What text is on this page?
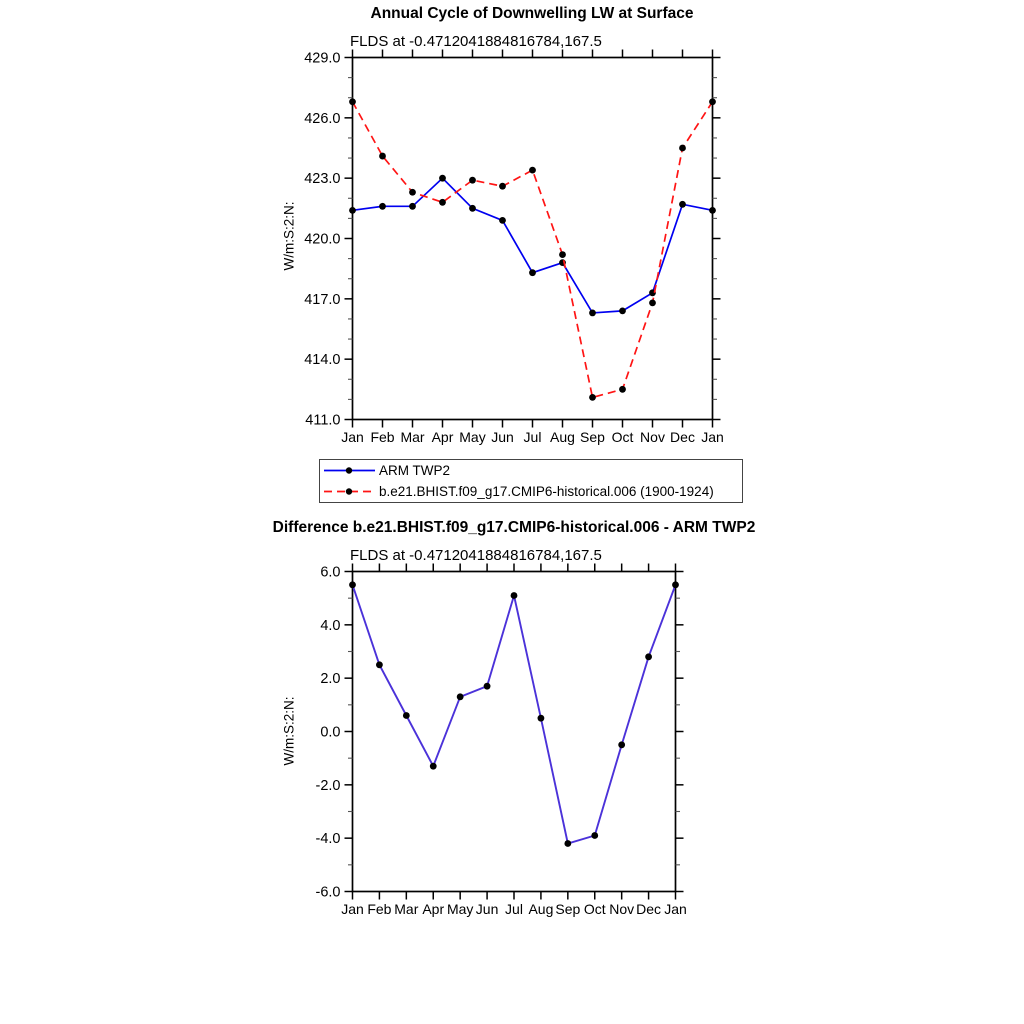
Annual Cycle of Downwelling LW at Surface
FLDS at -0.4712041884816784,167.5
W/m:S:2:N:
Difference b.e21.BHIST.f09_g17.CMIP6-historical.006 - ARM TWP2
FLDS at -0.4712041884816784,167.5
W/m:S:2:N:
429.0
426.0
423.0
420.0
417.0
414.0
411.0
Jan Feb Mar Apr May Jun Jul Aug Sep Oct Nov Dec Jan
6.0
4.0
2.0
0.0
-2.0
-4.0
-6.0
Jan Feb Mar Apr May Jun Jul Aug Sep Oct Nov Dec Jan
ARM TWP2
b.e21.BHIST.f09_g17.CMIP6-historical.006 (1900-1924)
